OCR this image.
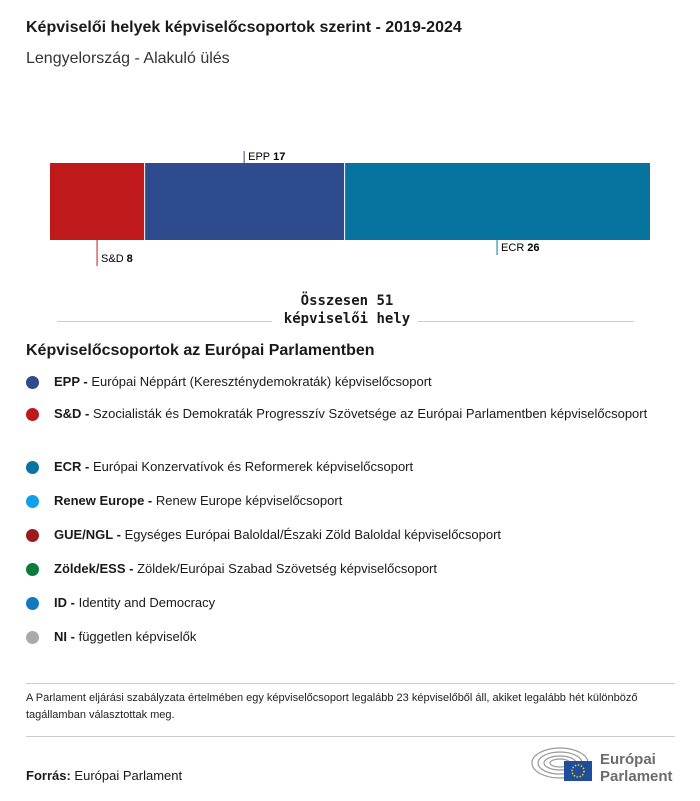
Képviselői helyek képviselőcsoportok szerint - 2019-2024
Lengyelország - Alakuló ülés
S&D 8
EPP 17
ECR 26
Összesen 51 képviselői hely
Képviselőcsoportok az Európai Parlamentben
EPP - Európai Néppárt (Kereszténydemokraták) képviselőcsoport
S&D - Szocialisták és Demokraták Progresszív Szövetsége az Európai Parlamentben képviselőcsoport
ECR - Európai Konzervatívok és Reformerek képviselőcsoport
Renew Europe - Renew Europe képviselőcsoport
GUE/NGL - Egységes Európai Baloldal/Északi Zöld Baloldal képviselőcsoport
Zöldek/ESS - Zöldek/Európai Szabad Szövetség képviselőcsoport
ID - Identity and Democracy
NI - független képviselők
A Parlament eljárási szabályzata értelmében egy képviselőcsoport legalább 23 képviselőből áll, akiket legalább hét különböző tagállamban választottak meg.
Forrás: Európai Parlament
Európai
Parlament
